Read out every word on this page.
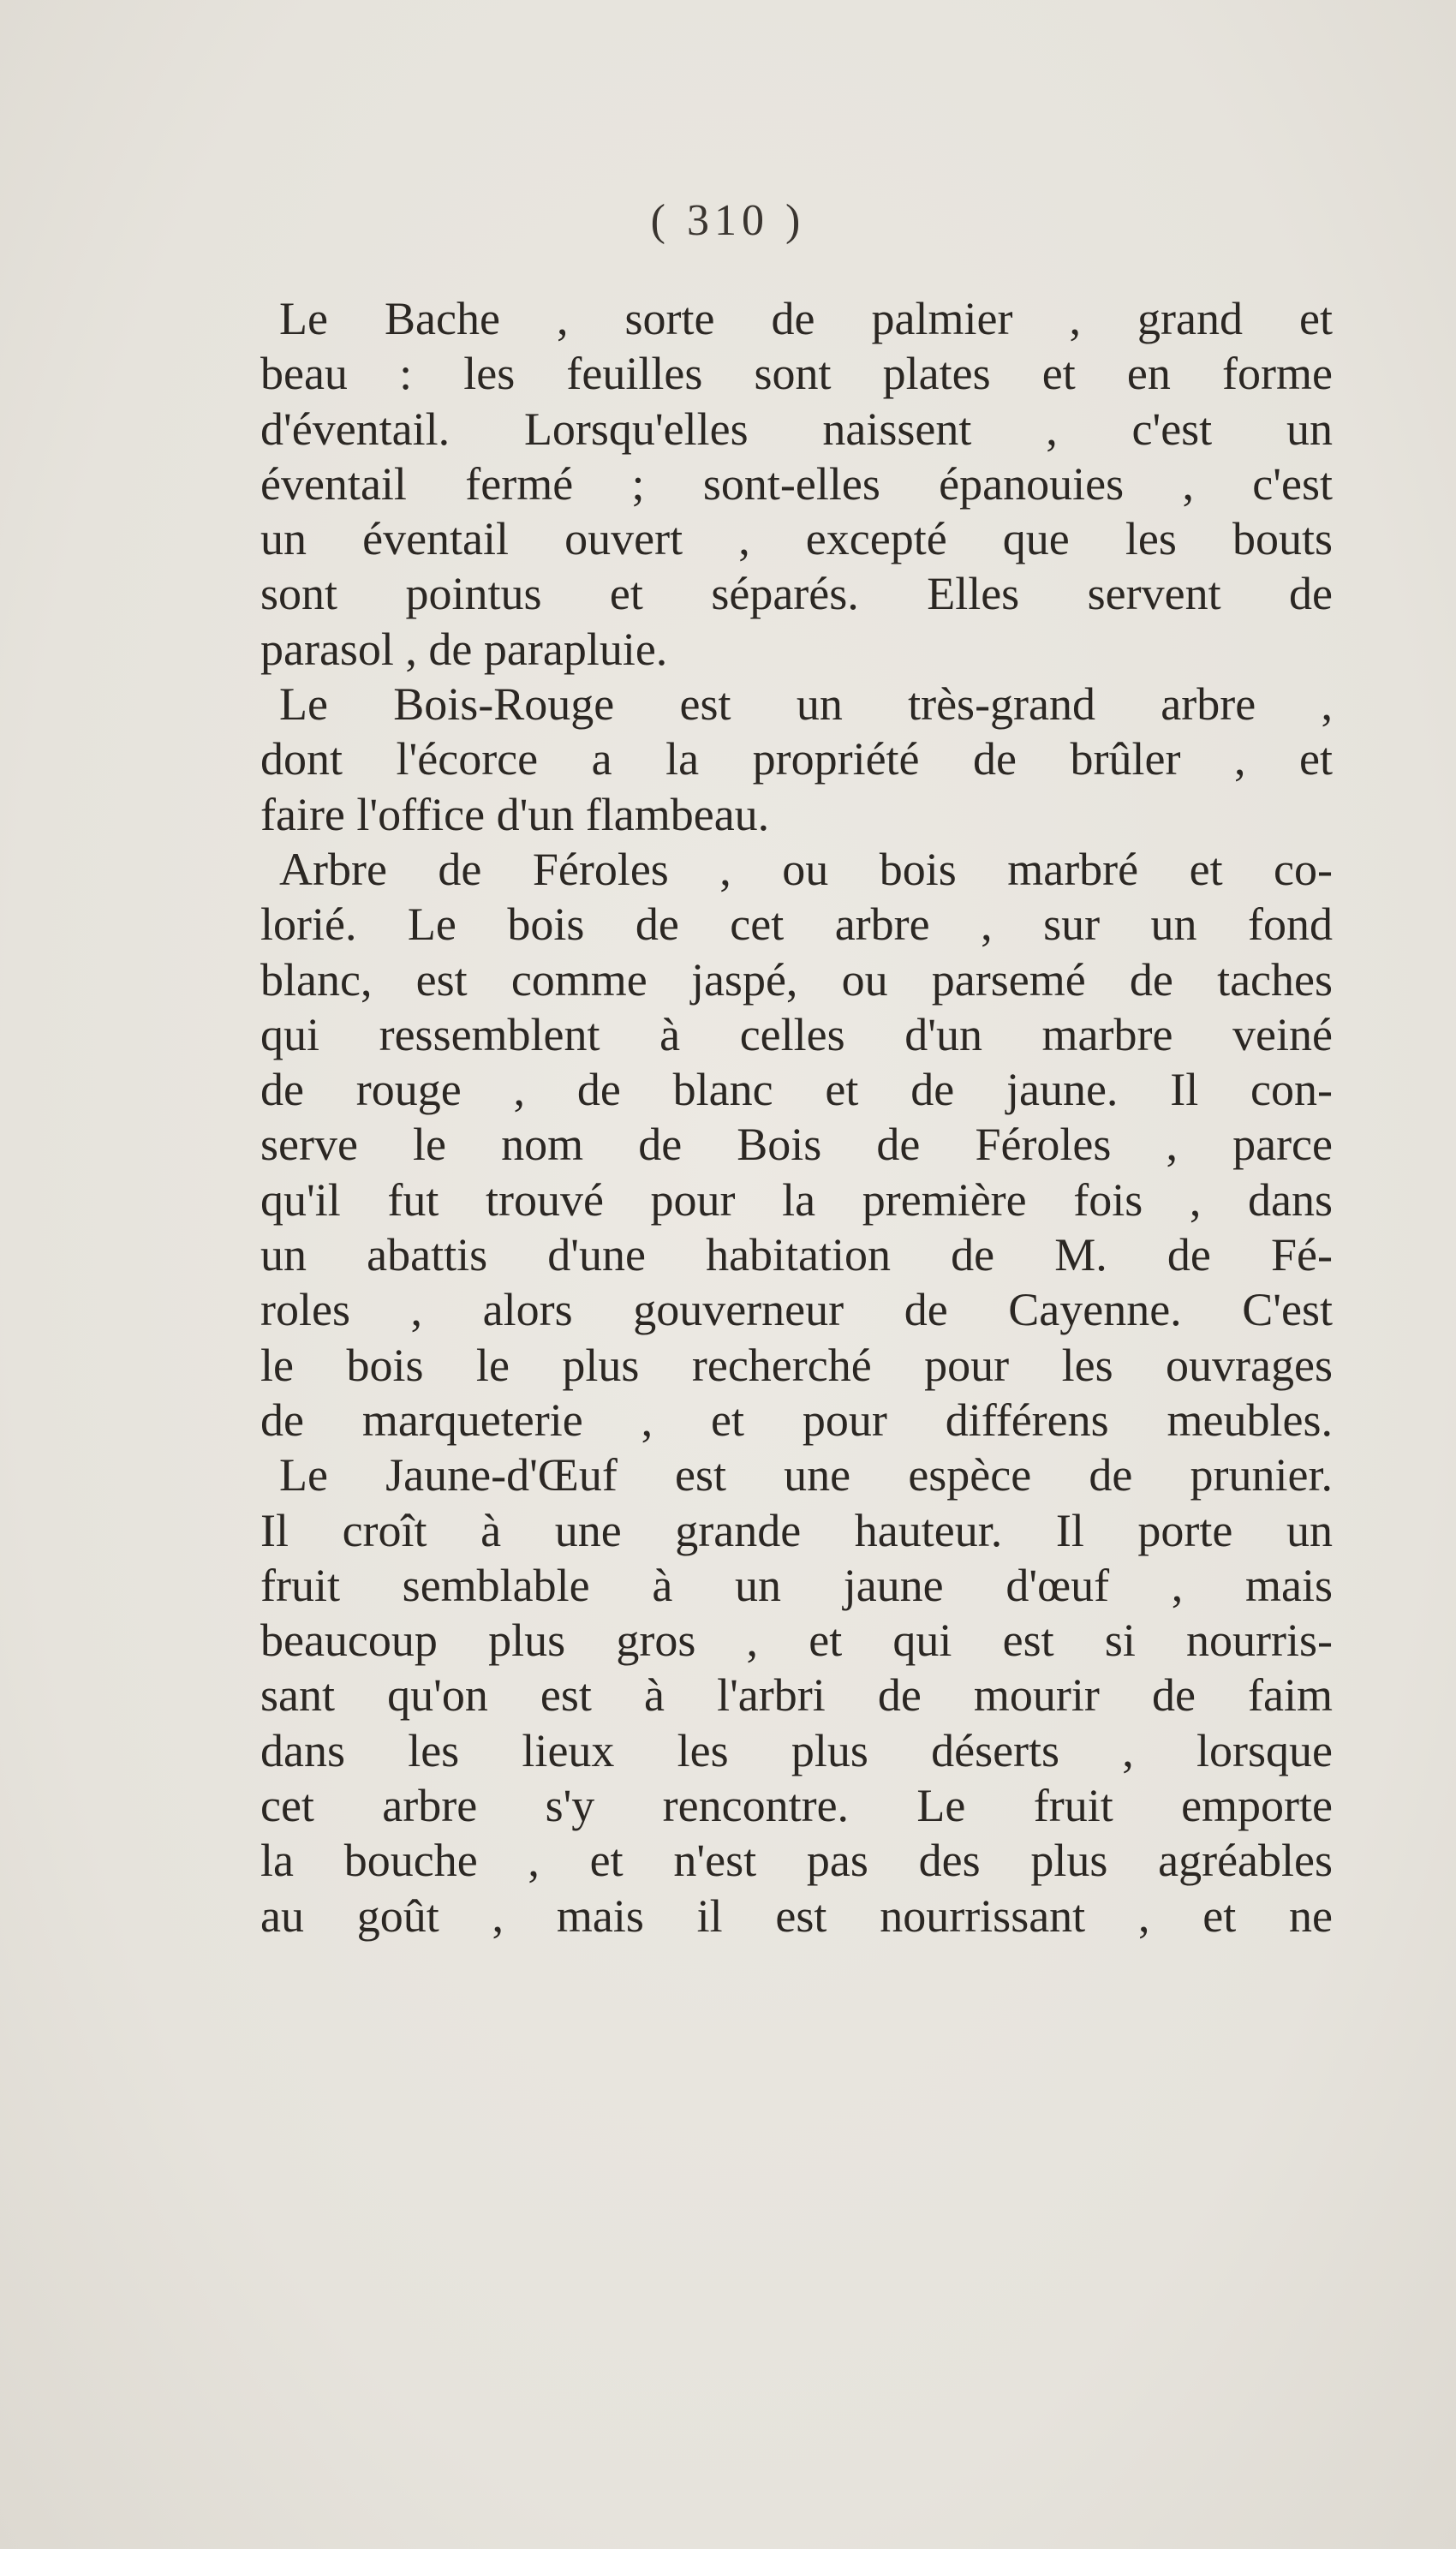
( 310 )
Le Bache , sorte de palmier , grand et
beau : les feuilles sont plates et en forme
d'éventail. Lorsqu'elles naissent , c'est un
éventail fermé ; sont-elles épanouies , c'est
un éventail ouvert , excepté que les bouts
sont pointus et séparés. Elles servent de
parasol , de parapluie.
Le Bois-Rouge est un très-grand arbre ,
dont l'écorce a la propriété de brûler , et
faire l'office d'un flambeau.
Arbre de Féroles , ou bois marbré et co-
lorié. Le bois de cet arbre , sur un fond
blanc, est comme jaspé, ou parsemé de taches
qui ressemblent à celles d'un marbre veiné
de rouge , de blanc et de jaune. Il con-
serve le nom de Bois de Féroles , parce
qu'il fut trouvé pour la première fois , dans
un abattis d'une habitation de M. de Fé-
roles , alors gouverneur de Cayenne. C'est
le bois le plus recherché pour les ouvrages
de marqueterie , et pour différens meubles.
Le Jaune-d'Œuf est une espèce de prunier.
Il croît à une grande hauteur. Il porte un
fruit semblable à un jaune d'œuf , mais
beaucoup plus gros , et qui est si nourris-
sant qu'on est à l'arbri de mourir de faim
dans les lieux les plus déserts , lorsque
cet arbre s'y rencontre. Le fruit emporte
la bouche , et n'est pas des plus agréables
au goût , mais il est nourrissant , et ne
